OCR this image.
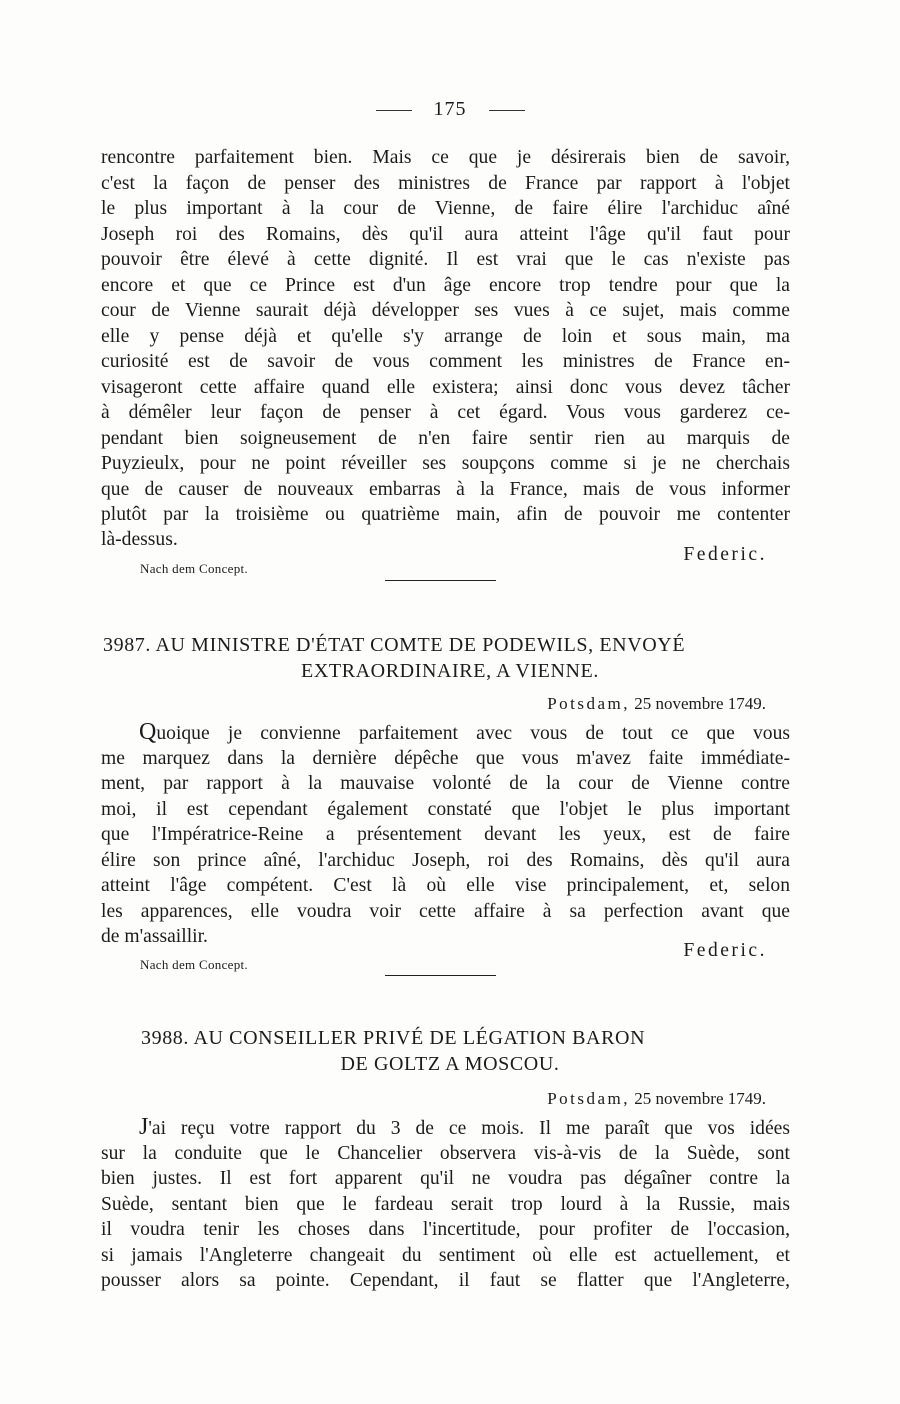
175
rencontre parfaitement bien. Mais ce que je désirerais bien de savoir,
c'est la façon de penser des ministres de France par rapport à l'objet
le plus important à la cour de Vienne, de faire élire l'archiduc aîné
Joseph roi des Romains, dès qu'il aura atteint l'âge qu'il faut pour
pouvoir être élevé à cette dignité. Il est vrai que le cas n'existe pas
encore et que ce Prince est d'un âge encore trop tendre pour que la
cour de Vienne saurait déjà développer ses vues à ce sujet, mais comme
elle y pense déjà et qu'elle s'y arrange de loin et sous main, ma
curiosité est de savoir de vous comment les ministres de France en-
visageront cette affaire quand elle existera; ainsi donc vous devez tâcher
à démêler leur façon de penser à cet égard. Vous vous garderez ce-
pendant bien soigneusement de n'en faire sentir rien au marquis de
Puyzieulx, pour ne point réveiller ses soupçons comme si je ne cherchais
que de causer de nouveaux embarras à la France, mais de vous informer
plutôt par la troisième ou quatrième main, afin de pouvoir me contenter
là-dessus.
Federic.
Nach dem Concept.
3987. AU MINISTRE D'ÉTAT COMTE DE PODEWILS, ENVOYÉ
EXTRAORDINAIRE, A VIENNE.
Potsdam, 25 novembre 1749.
Quoique je convienne parfaitement avec vous de tout ce que vous
me marquez dans la dernière dépêche que vous m'avez faite immédiate-
ment, par rapport à la mauvaise volonté de la cour de Vienne contre
moi, il est cependant également constaté que l'objet le plus important
que l'Impératrice-Reine a présentement devant les yeux, est de faire
élire son prince aîné, l'archiduc Joseph, roi des Romains, dès qu'il aura
atteint l'âge compétent. C'est là où elle vise principalement, et, selon
les apparences, elle voudra voir cette affaire à sa perfection avant que
de m'assaillir.
Federic.
Nach dem Concept.
3988. AU CONSEILLER PRIVÉ DE LÉGATION BARON
DE GOLTZ A MOSCOU.
Potsdam, 25 novembre 1749.
J'ai reçu votre rapport du 3 de ce mois. Il me paraît que vos idées
sur la conduite que le Chancelier observera vis-à-vis de la Suède, sont
bien justes. Il est fort apparent qu'il ne voudra pas dégaîner contre la
Suède, sentant bien que le fardeau serait trop lourd à la Russie, mais
il voudra tenir les choses dans l'incertitude, pour profiter de l'occasion,
si jamais l'Angleterre changeait du sentiment où elle est actuellement, et
pousser alors sa pointe. Cependant, il faut se flatter que l'Angleterre,
